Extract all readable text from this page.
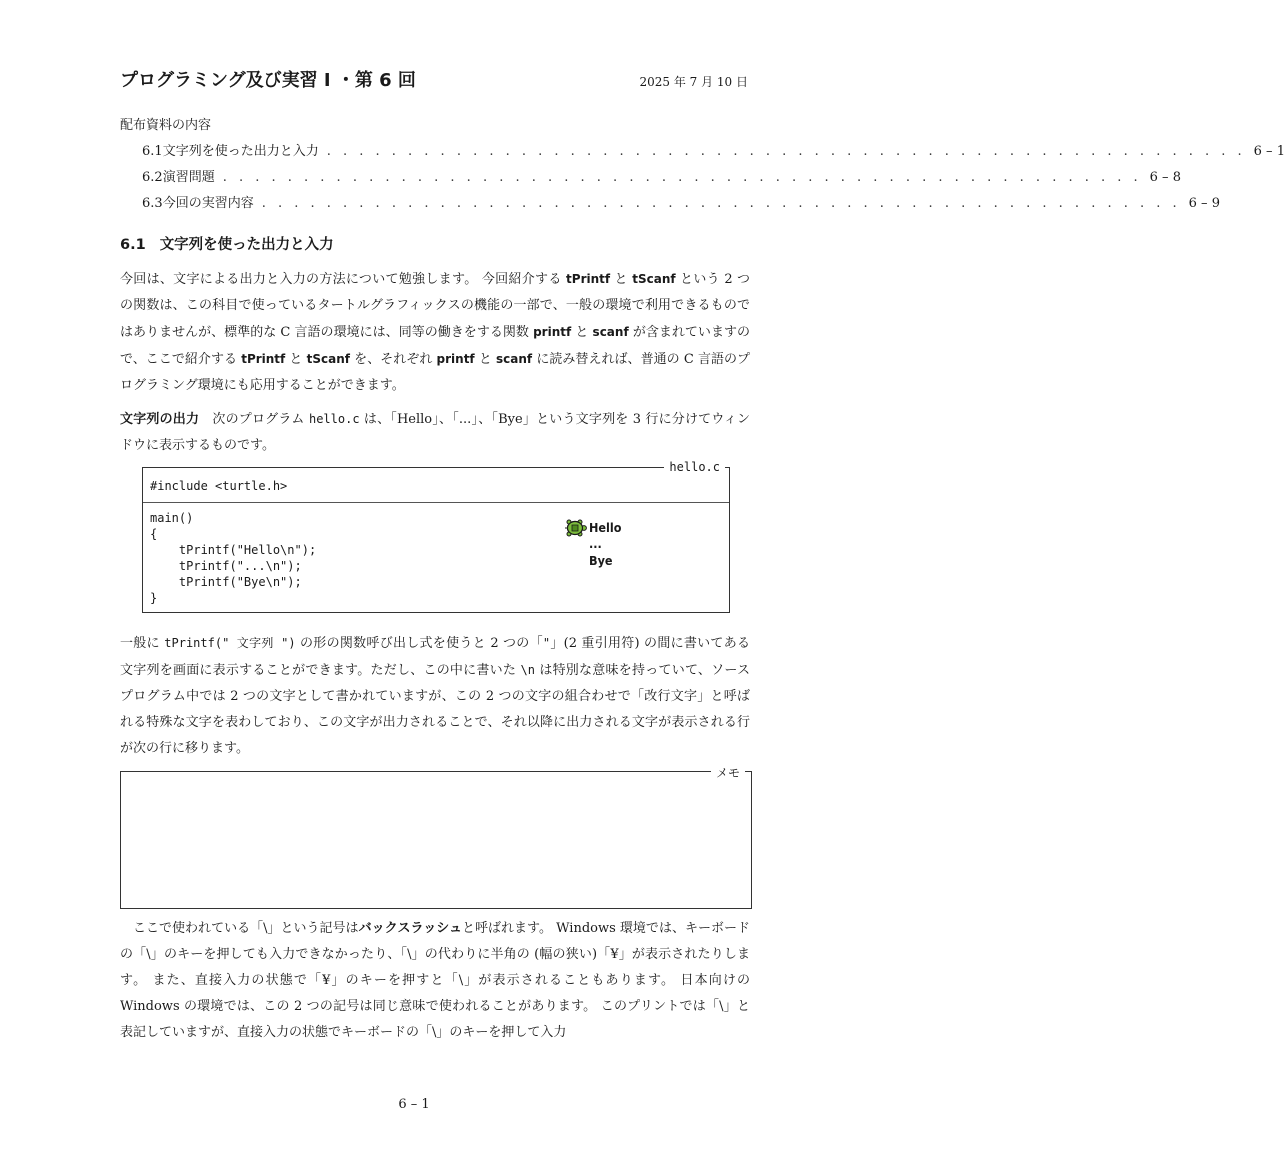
プログラミング及び実習 I ・第 6 回	2025 年 7 月 10 日
配布資料の内容
6.1 文字列を使った出力と入力 . . . . . . . . . . . . . . . . . . . . . . . . . . . . . . . . . . . . . . . . . . . . . . . . . . . . . . . . . 6 – 1
6.2 演習問題 . . . . . . . . . . . . . . . . . . . . . . . . . . . . . . . . . . . . . . . . . . . . . . . . . . . . . . . . . 6 – 8
6.3 今回の実習内容 . . . . . . . . . . . . . . . . . . . . . . . . . . . . . . . . . . . . . . . . . . . . . . . . . . . . . . . . . 6 – 9
6.1 文字列を使った出力と入力
今回は、文字による出力と入力の方法について勉強します。 今回紹介する tPrintf と tScanf という 2 つの関数は、この科目で使っているタートルグラフィックスの機能の一部で、一般の環境で利用できるものではありませんが、標準的な C 言語の環境には、同等の働きをする関数 printf と scanf が含まれていますので、ここで紹介する tPrintf と tScanf を、それぞれ printf と scanf に読み替えれば、普通の C 言語のプログラミング環境にも応用することができます。
文字列の出力　次のプログラム hello.c は、「Hello」、「...」、「Bye」という文字列を 3 行に分けてウィンドウに表示するものです。
hello.c
#include <turtle.h>

main()
{
tPrintf("Hello\n");
tPrintf("...\n");
tPrintf("Bye\n");
}
Hello
...
Bye
一般に tPrintf(" 文字列 ") の形の関数呼び出し式を使うと 2 つの「"」(2 重引用符) の間に書いてある文字列を画面に表示することができます。ただし、この中に書いた \n は特別な意味を持っていて、ソースプログラム中では 2 つの文字として書かれていますが、この 2 つの文字の組合わせで「改行文字」と呼ばれる特殊な文字を表わしており、この文字が出力されることで、それ以降に出力される文字が表示される行が次の行に移ります。
メモ
　ここで使われている「\」という記号はバックスラッシュと呼ばれます。 Windows 環境では、キーボードの「\」のキーを押しても入力できなかったり、「\」の代わりに半角の (幅の狭い)「¥」が表示されたりします。 また、直接入力の状態で「¥」のキーを押すと「\」が表示されることもあります。 日本向けの Windows の環境では、この 2 つの記号は同じ意味で使われることがあります。 このプリントでは「\」と表記していますが、直接入力の状態でキーボードの「\」のキーを押して入力
6 – 1
